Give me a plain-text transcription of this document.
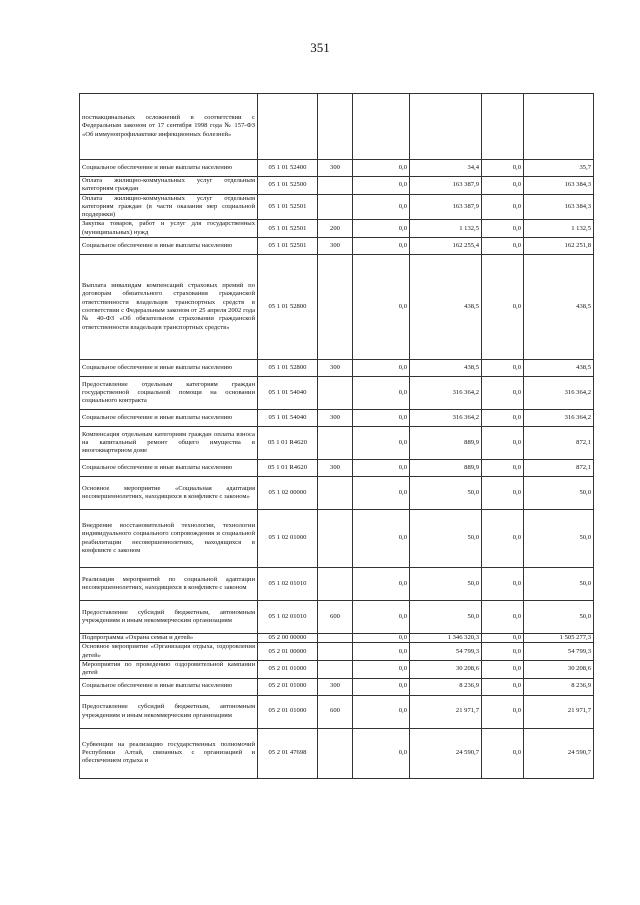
351
поствакцинальных осложнений в соответствии с Федеральным законом от 17 сентября 1998 года № 157-ФЗ «Об иммунопрофилактике инфекционных болезней»						
Социальное обеспечение и иные выплаты населению	05 1 01 52400	300	0,0	34,4	0,0	35,7
Оплата жилищно-коммунальных услуг отдельным категориям граждан	05 1 01 52500		0,0	163 387,9	0,0	163 384,3
Оплата жилищно-коммунальных услуг отдельным категориям граждан (в части оказания мер социальной поддержки)	05 1 01 52501		0,0	163 387,9	0,0	163 384,3
Закупка товаров, работ и услуг для государственных (муниципальных) нужд	05 1 01 52501	200	0,0	1 132,5	0,0	1 132,5
Социальное обеспечение и иные выплаты населению	05 1 01 52501	300	0,0	162 255,4	0,0	162 251,8
Выплата инвалидам компенсаций страховых премий по договорам обязательного страхования гражданской ответственности владельцев транспортных средств в соответствии с Федеральным законом от 25 апреля 2002 года № 40-ФЗ «Об обязательном страховании гражданской ответственности владельцев транспортных средств»	05 1 01 52800		0,0	438,5	0,0	438,5
Социальное обеспечение и иные выплаты населению	05 1 01 52800	300	0,0	438,5	0,0	438,5
Предоставление отдельным категориям граждан государственной социальной помощи на основании социального контракта	05 1 01 54040		0,0	316 364,2	0,0	316 364,2
Социальное обеспечение и иные выплаты населению	05 1 01 54040	300	0,0	316 364,2	0,0	316 364,2
Компенсация отдельным категориям граждан оплаты взноса на капитальный ремонт общего имущества в многоквартирном доме	05 1 01 R4620		0,0	889,9	0,0	872,1
Социальное обеспечение и иные выплаты населению	05 1 01 R4620	300	0,0	889,9	0,0	872,1
Основное мероприятие «Социальная адаптация несовершеннолетних, находящихся в конфликте с законом»	05 1 02 00000		0,0	50,0	0,0	50,0
Внедрение восстановительной технологии, технологии индивидуального социального сопровождения и социальной реабилитации несовершеннолетних, находящихся в конфликте с законом	05 1 02 01000		0,0	50,0	0,0	50,0
Реализация мероприятий по социальной адаптации несовершеннолетних, находящихся в конфликте с законом	05 1 02 01010		0,0	50,0	0,0	50,0
Предоставление субсидий бюджетным, автономным учреждениям и иным некоммерческим организациям	05 1 02 01010	600	0,0	50,0	0,0	50,0
Подпрограмма «Охрана семьи и детей»	05 2 00 00000		0,0	1 346 320,3	0,0	1 505 277,3
Основное мероприятие «Организация отдыха, оздоровления детей»	05 2 01 00000		0,0	54 799,3	0,0	54 799,3
Мероприятия по проведению оздоровительной кампании детей	05 2 01 01000		0,0	30 208,6	0,0	30 208,6
Социальное обеспечение и иные выплаты населению	05 2 01 01000	300	0,0	8 236,9	0,0	8 236,9
Предоставление субсидий бюджетным, автономным учреждениям и иным некоммерческим организациям	05 2 01 01000	600	0,0	21 971,7	0,0	21 971,7
Субвенции на реализацию государственных полномочий Республики Алтай, связанных с организацией и обеспечением отдыха и	05 2 01 47698		0,0	24 590,7	0,0	24 590,7
